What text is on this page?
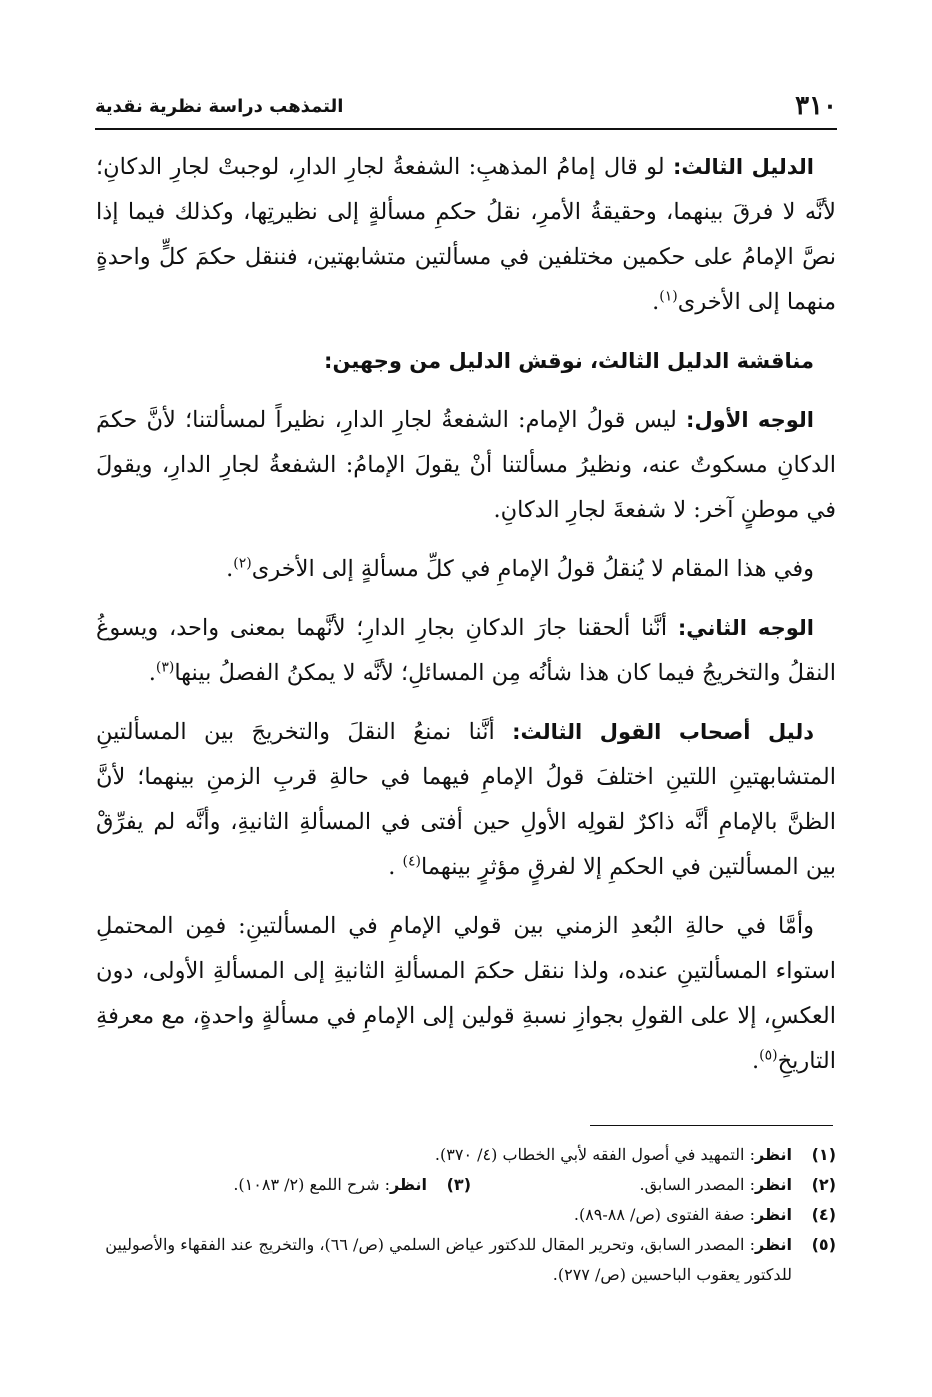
٣١٠
التمذهب دراسة نظرية نقدية

الدليل الثالث: لو قال إمامُ المذهبِ: الشفعةُ لجارِ الدارِ، لوجبتْ لجارِ الدكانِ؛ لأنَّه لا فرقَ بينهما، وحقيقةُ الأمرِ، نقلُ حكمِ مسألةٍ إلى نظيرتِها، وكذلك فيما إذا نصَّ الإمامُ على حكمين مختلفين في مسألتين متشابهتين، فننقل حكمَ كلٍّ واحدةٍ منهما إلى الأخرى$^{(١)}$.

مناقشة الدليل الثالث، نوقش الدليل من وجهين:

الوجه الأول: ليس قولُ الإمام: الشفعةُ لجارِ الدارِ، نظيراً لمسألتنا؛ لأنَّ حكمَ الدكانِ مسكوتٌ عنه، ونظيرُ مسألتنا أنْ يقولَ الإمامُ: الشفعةُ لجارِ الدارِ، ويقولَ في موطنٍ آخر: لا شفعةَ لجارِ الدكانِ.

وفي هذا المقام لا يُنقلُ قولُ الإمامِ في كلِّ مسألةٍ إلى الأخرى$^{(٢)}$.

الوجه الثاني: أنَّنا ألحقنا جارَ الدكانِ بجارِ الدارِ؛ لأنَّهما بمعنى واحد، ويسوغُ النقلُ والتخريجُ فيما كان هذا شأنُه مِن المسائلِ؛ لأنَّه لا يمكنُ الفصلُ بينها$^{(٣)}$.

دليل أصحاب القول الثالث: أنَّنا نمنعُ النقلَ والتخريجَ بين المسألتينِ المتشابهتينِ اللتينِ اختلفَ قولُ الإمامِ فيهما في حالةِ قربِ الزمنِ بينهما؛ لأنَّ الظنَّ بالإمامِ أنَّه ذاكرٌ لقولِه الأولِ حين أفتى في المسألةِ الثانيةِ، وأنَّه لم يفرِّقْ بين المسألتين في الحكمِ إلا لفرقٍ مؤثرٍ بينهما$^{(٤)}$ .

وأمَّا في حالةِ البُعدِ الزمني بين قولي الإمامِ في المسألتينِ: فمِن المحتملِ استواء المسألتينِ عنده، ولذا ننقل حكمَ المسألةِ الثانيةِ إلى المسألةِ الأولى، دون العكسِ، إلا على القولِ بجوازِ نسبةِ قولين إلى الإمامِ في مسألةٍ واحدةٍ، مع معرفةِ التاريخِ$^{(٥)}$.

(١)
انظر: التمهيد في أصول الفقه لأبي الخطاب (٤/ ٣٧٠).
(٢)
انظر: المصدر السابق.
(٣)
انظر: شرح اللمع (٢/ ١٠٨٣).
(٤)
انظر: صفة الفتوى (ص/ ٨٨-٨٩).
(٥)
انظر: المصدر السابق، وتحرير المقال للدكتور عياض السلمي (ص/ ٦٦)، والتخريج عند الفقهاء والأصوليين للدكتور يعقوب الباحسين (ص/ ٢٧٧).
